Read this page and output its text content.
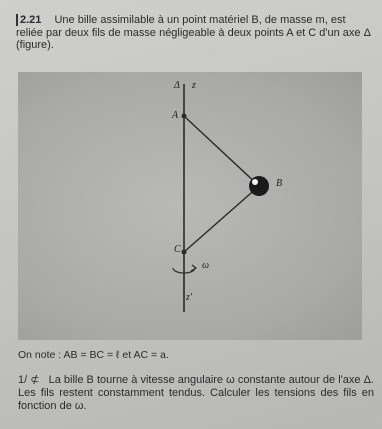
2.21 Une bille assimilable à un point matériel B, de masse m, est reliée par deux fils de masse négligeable à deux points A et C d'un axe Δ (figure).
Δ z
A
B
C
ω
z'
On note : AB = BC = ℓ et AC = a.
1/ ⊄ La bille B tourne à vitesse angulaire ω constante autour de l'axe Δ. Les fils restent constamment tendus. Calculer les tensions des fils en fonction de ω.
